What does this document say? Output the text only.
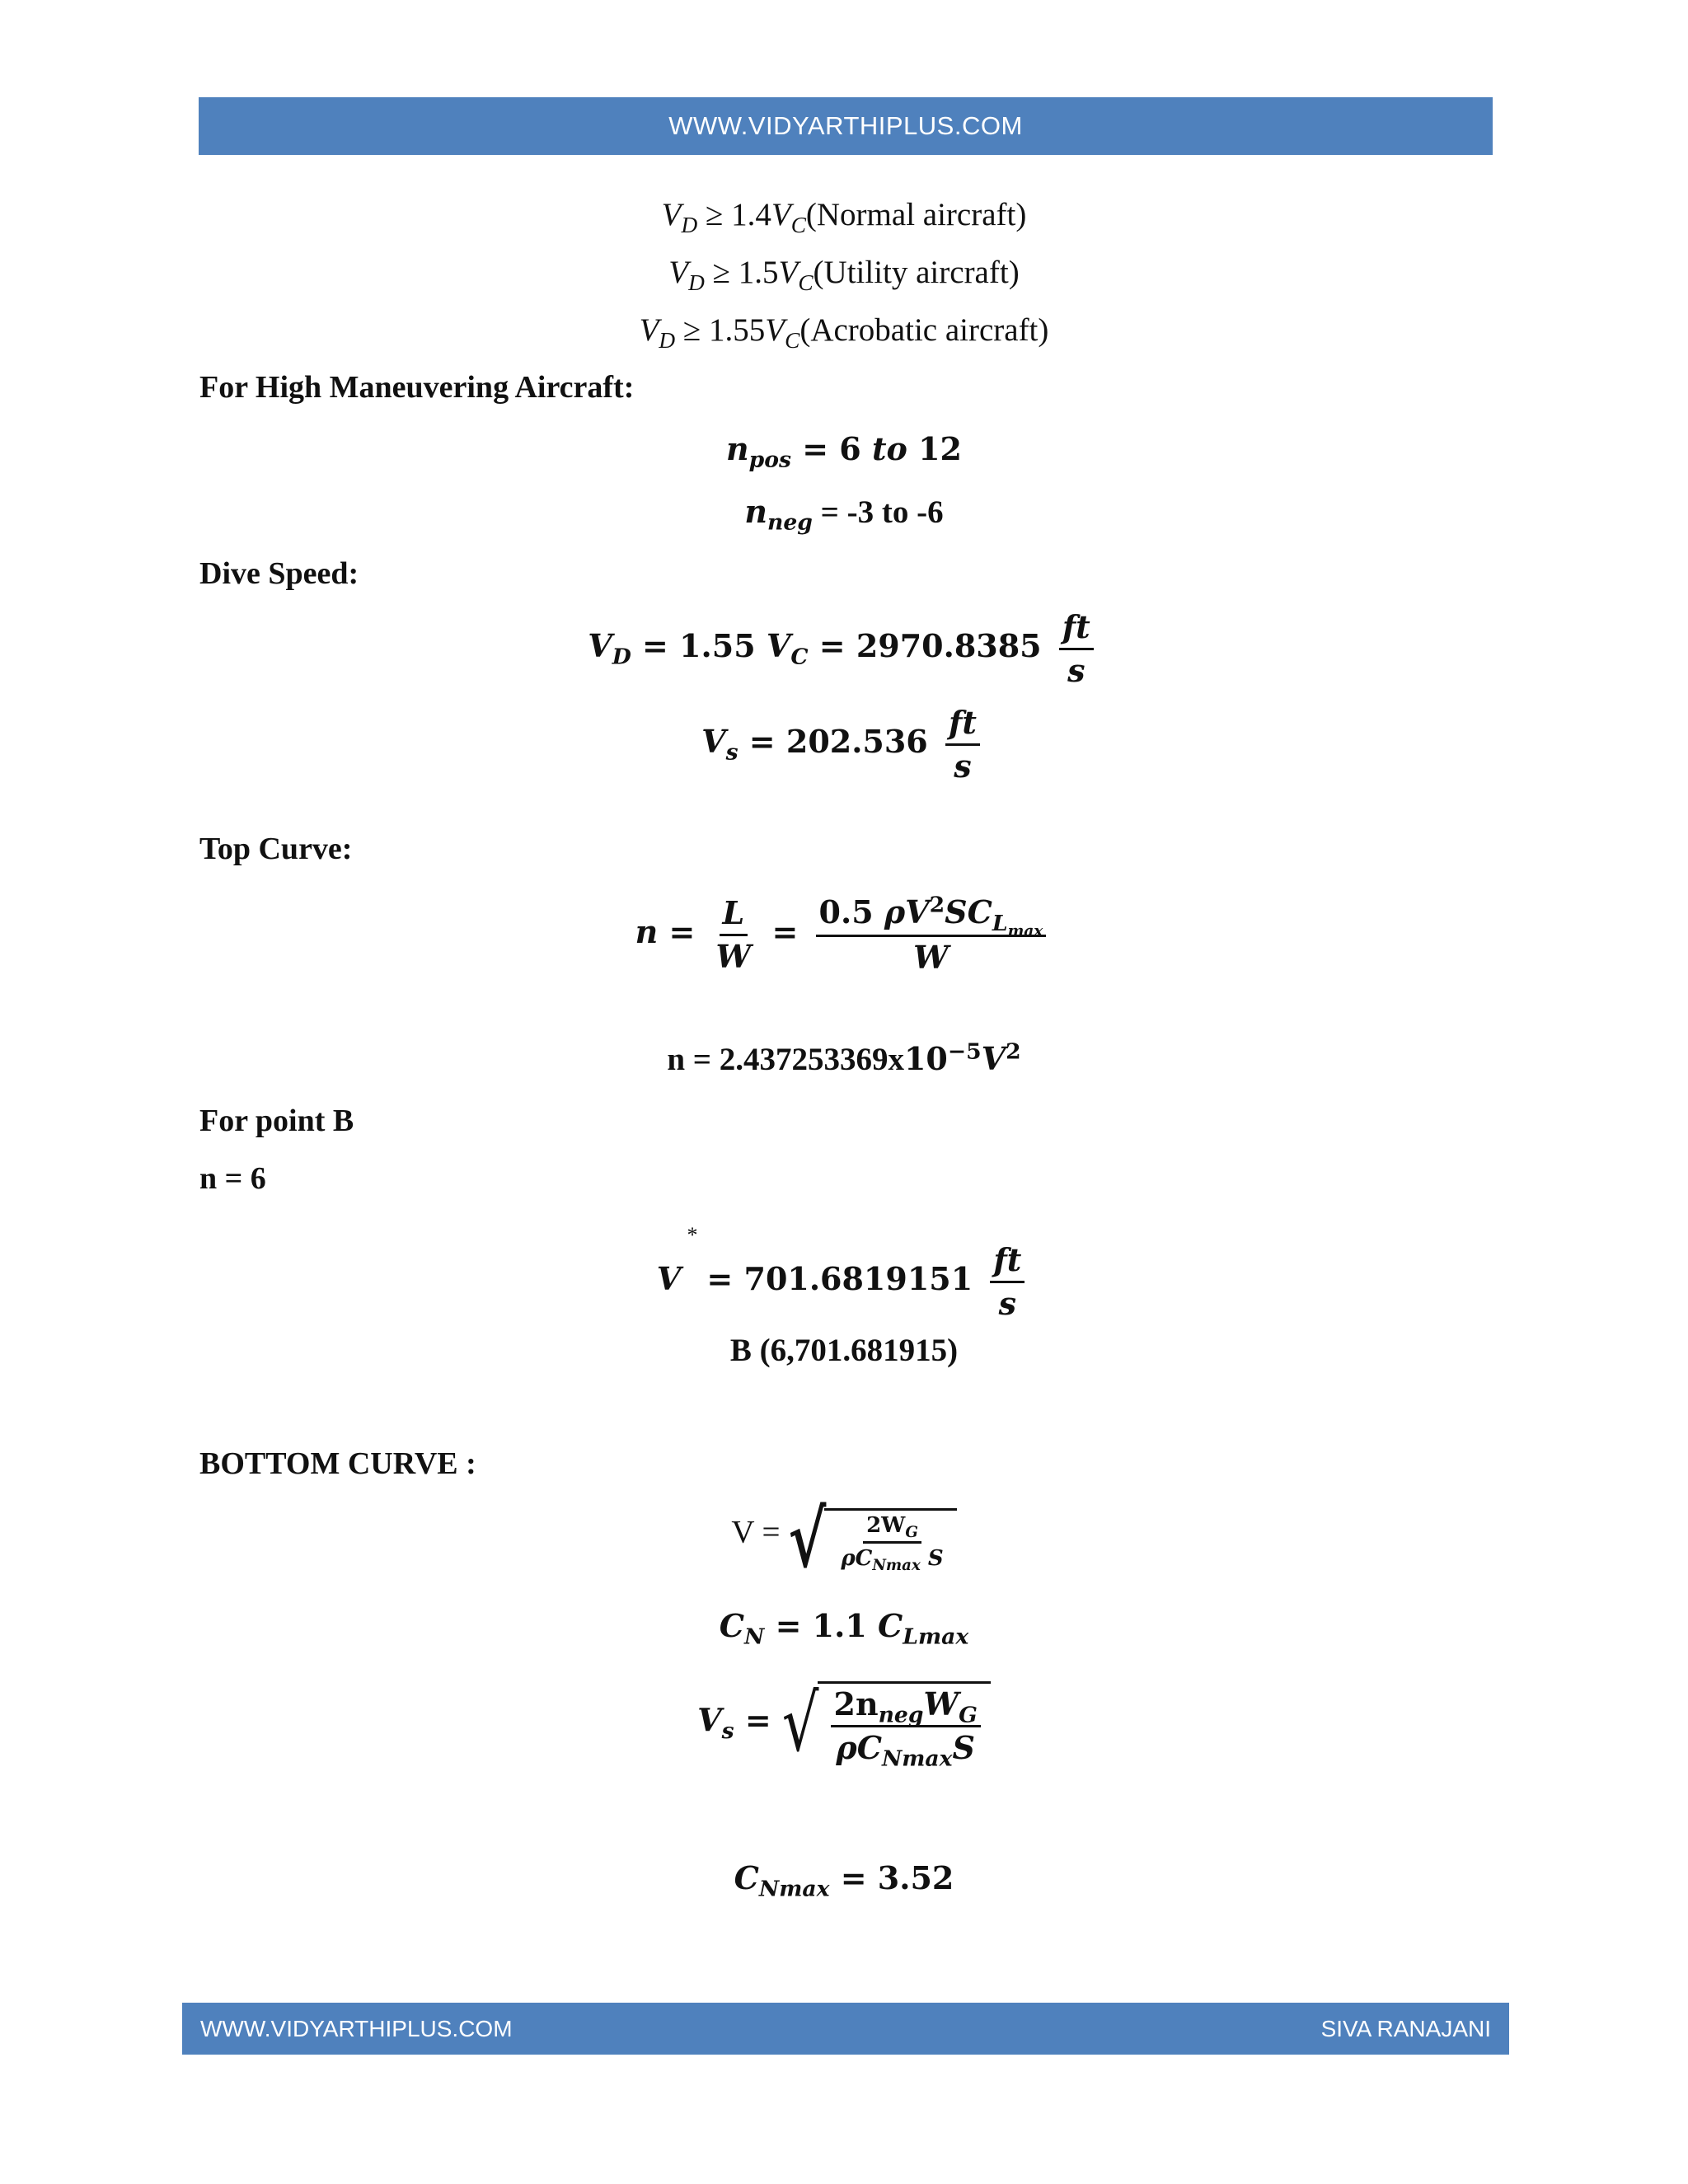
WWW.VIDYARTHIPLUS.COM
$V_D$ ≥ $1.4V_C(Normal$ aircraft)
$V_D$ ≥ $1.5V_C(Utility$ aircraft)
$V_D$ ≥ $1.55V_C(Acrobatic$ aircraft)
For High Maneuvering Aircraft:
$n_{pos} = 6$ to 12
$n_{neg} = -3$ to -6
Dive Speed:
$V_D = 1.55$ $V_C = 2970.8385 \frac{ft}{s}$
$V_s = 202.536 \frac{ft}{s}$
Top Curve:
$n = \frac{L}{W} = \frac{0.5 \rho V^2SC_{L_{max}}}{W}$
$n = 2.437253369x10^{-5}V^2$
For point B
n = 6
*
$V = 701.6819151 \frac{ft}{s}$
B (6,701.681915)
BOTTOM CURVE :
V = √ $\frac{2W_G}{\rho C_{Nmax} S}$
$C_N = 1.1$ $C_{Lmax}$
$V_s$ = √ $\frac{2n_{neg}W_G}{\rho C_{Nmax}S}$
$C_{Nmax} = 3.52$
WWW.VIDYARTHIPLUS.COM	SIVA RANAJANI
